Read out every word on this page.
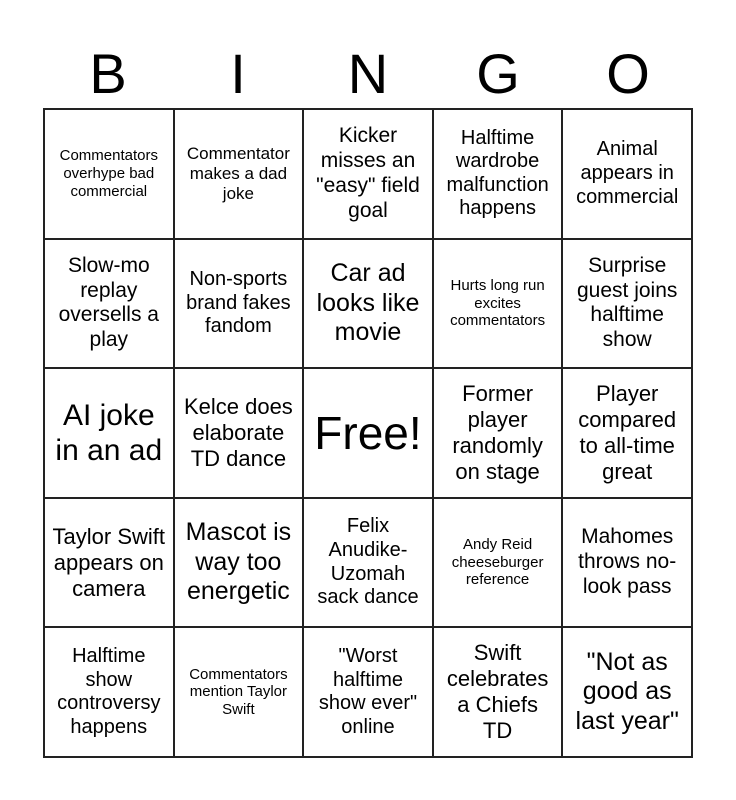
B	I	N	G	O
Commentators overhype bad commercial
Commentator makes a dad joke
Kicker misses an "easy" field goal
Halftime wardrobe malfunction happens
Animal appears in commercial
Slow-mo replay oversells a play
Non-sports brand fakes fandom
Car ad looks like movie
Hurts long run excites commentators
Surprise guest joins halftime show
AI joke in an ad
Kelce does elaborate TD dance Free!
Former player randomly on stage
Player compared to all-time great
Taylor Swift appears on camera
Mascot is way too energetic
Felix Anudike-Uzomah sack dance
Andy Reid cheeseburger reference
Mahomes throws no-look pass
Halftime show controversy happens
Commentators mention Taylor Swift
"Worst halftime show ever" online
Swift celebrates a Chiefs TD
"Not as good as last year"
